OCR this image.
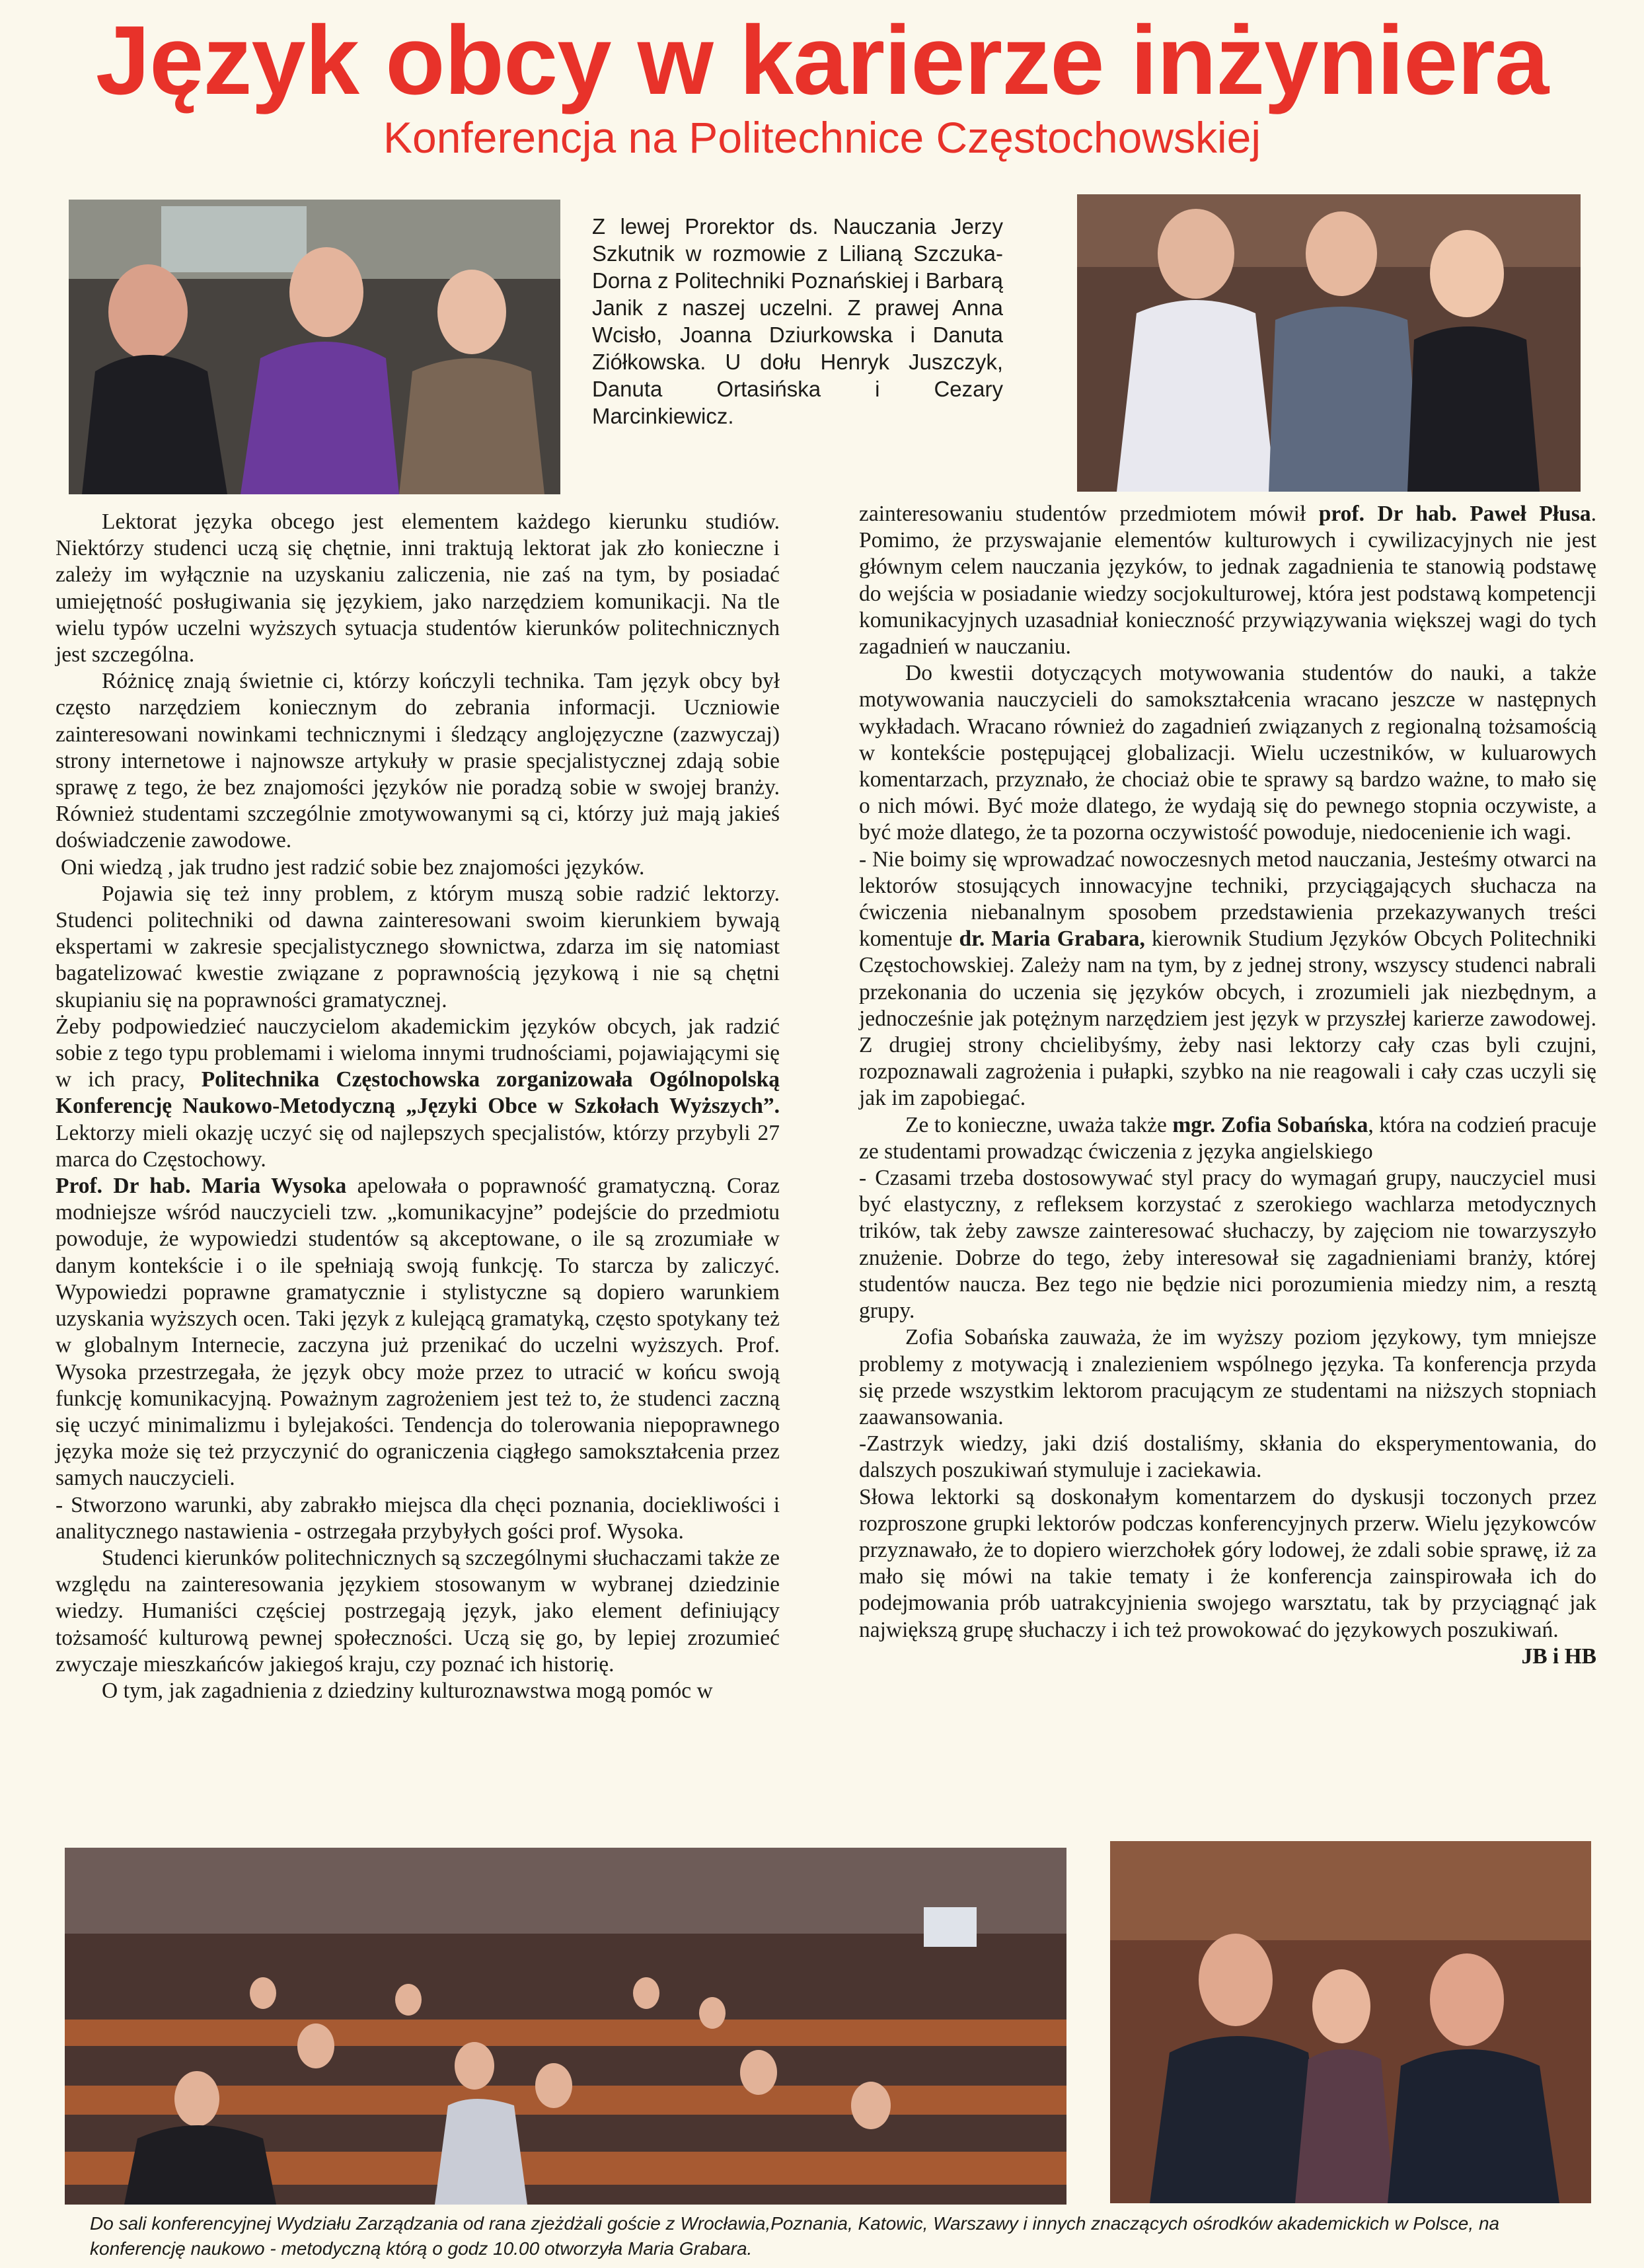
Język obcy w karierze inżyniera
Konferencja na Politechnice Częstochowskiej

Z lewej Prorektor ds. Nauczania Jerzy Szkutnik w rozmowie z Lilianą Szczuka-Dorna z Politechniki Poznańskiej i Barbarą Janik z naszej uczelni. Z prawej Anna Wcisło, Joanna Dziurkowska i Danuta Ziółkowska. U dołu Henryk Juszczyk, Danuta Ortasińska i Cezary Marcinkiewicz.

Lektorat języka obcego jest elementem każdego kierunku studiów. Niektórzy studenci uczą się chętnie, inni traktują lektorat jak zło konieczne i zależy im wyłącznie na uzyskaniu zaliczenia, nie zaś na tym, by posiadać umiejętność posługiwania się językiem, jako narzędziem komunikacji. Na tle wielu typów uczelni wyższych sytuacja studentów kierunków politechnicznych jest szczególna.

Różnicę znają świetnie ci, którzy kończyli technika. Tam język obcy był często narzędziem koniecznym do zebrania informacji. Uczniowie zainteresowani nowinkami technicznymi i śledzący anglojęzyczne (zazwyczaj) strony internetowe i najnowsze artykuły w prasie specjalistycznej zdają sobie sprawę z tego, że bez znajomości języków nie poradzą sobie w swojej branży. Również studentami szczególnie zmotywowanymi są ci, którzy już mają jakieś doświadczenie zawodowe.

Oni wiedzą , jak trudno jest radzić sobie bez znajomości języków.

Pojawia się też inny problem, z którym muszą sobie radzić lektorzy. Studenci politechniki od dawna zainteresowani swoim kierunkiem bywają ekspertami w zakresie specjalistycznego słownictwa, zdarza im się natomiast bagatelizować kwestie związane z poprawnością językową i nie są chętni skupianiu się na poprawności gramatycznej.

Żeby podpowiedzieć nauczycielom akademickim języków obcych, jak radzić sobie z tego typu problemami i wieloma innymi trudnościami, pojawiającymi się w ich pracy, Politechnika Częstochowska zorganizowała Ogólnopolską Konferencję Naukowo-Metodyczną „Języki Obce w Szkołach Wyższych”. Lektorzy mieli okazję uczyć się od najlepszych specjalistów, którzy przybyli 27 marca do Częstochowy.

Prof. Dr hab. Maria Wysoka apelowała o poprawność gramatyczną. Coraz modniejsze wśród nauczycieli tzw. „komunikacyjne” podejście do przedmiotu powoduje, że wypowiedzi studentów są akceptowane, o ile są zrozumiałe w danym kontekście i o ile spełniają swoją funkcję. To starcza by zaliczyć. Wypowiedzi poprawne gramatycznie i stylistyczne są dopiero warunkiem uzyskania wyższych ocen. Taki język z kulejącą gramatyką, często spotykany też w globalnym Internecie, zaczyna już przenikać do uczelni wyższych. Prof. Wysoka przestrzegała, że język obcy może przez to utracić w końcu swoją funkcję komunikacyjną. Poważnym zagrożeniem jest też to, że studenci zaczną się uczyć minimalizmu i bylejakości. Tendencja do tolerowania niepoprawnego języka może się też przyczynić do ograniczenia ciągłego samokształcenia przez samych nauczycieli.

- Stworzono warunki, aby zabrakło miejsca dla chęci poznania, dociekliwości i analitycznego nastawienia - ostrzegała przybyłych gości prof. Wysoka.

Studenci kierunków politechnicznych są szczególnymi słuchaczami także ze względu na zainteresowania językiem stosowanym w wybranej dziedzinie wiedzy. Humaniści częściej postrzegają język, jako element definiujący tożsamość kulturową pewnej społeczności. Uczą się go, by lepiej zrozumieć zwyczaje mieszkańców jakiegoś kraju, czy poznać ich historię.

O tym, jak zagadnienia z dziedziny kulturoznawstwa mogą pomóc w

zainteresowaniu studentów przedmiotem mówił prof. Dr hab. Paweł Płusa. Pomimo, że przyswajanie elementów kulturowych i cywilizacyjnych nie jest głównym celem nauczania języków, to jednak zagadnienia te stanowią podstawę do wejścia w posiadanie wiedzy socjokulturowej, która jest podstawą kompetencji komunikacyjnych uzasadniał konieczność przywiązywania większej wagi do tych zagadnień w nauczaniu.

Do kwestii dotyczących motywowania studentów do nauki, a także motywowania nauczycieli do samokształcenia wracano jeszcze w następnych wykładach. Wracano również do zagadnień związanych z regionalną tożsamością w kontekście postępującej globalizacji. Wielu uczestników, w kuluarowych komentarzach, przyznało, że chociaż obie te sprawy są bardzo ważne, to mało się o nich mówi. Być może dlatego, że wydają się do pewnego stopnia oczywiste, a być może dlatego, że ta pozorna oczywistość powoduje, niedocenienie ich wagi.

- Nie boimy się wprowadzać nowoczesnych metod nauczania, Jesteśmy otwarci na lektorów stosujących innowacyjne techniki, przyciągających słuchacza na ćwiczenia niebanalnym sposobem przedstawienia przekazywanych treści komentuje dr. Maria Grabara, kierownik Studium Języków Obcych Politechniki Częstochowskiej. Zależy nam na tym, by z jednej strony, wszyscy studenci nabrali przekonania do uczenia się języków obcych, i zrozumieli jak niezbędnym, a jednocześnie jak potężnym narzędziem jest język w przyszłej karierze zawodowej. Z drugiej strony chcielibyśmy, żeby nasi lektorzy cały czas byli czujni, rozpoznawali zagrożenia i pułapki, szybko na nie reagowali i cały czas uczyli się jak im zapobiegać.

Ze to konieczne, uważa także mgr. Zofia Sobańska, która na codzień pracuje ze studentami prowadząc ćwiczenia z języka angielskiego

- Czasami trzeba dostosowywać styl pracy do wymagań grupy, nauczyciel musi być elastyczny, z refleksem korzystać z szerokiego wachlarza metodycznych trików, tak żeby zawsze zainteresować słuchaczy, by zajęciom nie towarzyszyło znużenie. Dobrze do tego, żeby interesował się zagadnieniami branży, której studentów naucza. Bez tego nie będzie nici porozumienia miedzy nim, a resztą grupy.

Zofia Sobańska zauważa, że im wyższy poziom językowy, tym mniejsze problemy z motywacją i znalezieniem wspólnego języka. Ta konferencja przyda się przede wszystkim lektorom pracującym ze studentami na niższych stopniach zaawansowania.

-Zastrzyk wiedzy, jaki dziś dostaliśmy, skłania do eksperymentowania, do dalszych poszukiwań stymuluje i zaciekawia.

Słowa lektorki są doskonałym komentarzem do dyskusji toczonych przez rozproszone grupki lektorów podczas konferencyjnych przerw. Wielu językowców przyznawało, że to dopiero wierzchołek góry lodowej, że zdali sobie sprawę, iż za mało się mówi na takie tematy i że konferencja zainspirowała ich do podejmowania prób uatrakcyjnienia swojego warsztatu, tak by przyciągnąć jak największą grupę słuchaczy i ich też prowokować do językowych poszukiwań.
JB i HB

Do sali konferencyjnej Wydziału Zarządzania od rana zjeżdżali goście z Wrocławia,Poznania, Katowic, Warszawy i innych znaczących ośrodków akademickich w Polsce, na konferencję naukowo - metodyczną którą o godz 10.00 otworzyła Maria Grabara.
